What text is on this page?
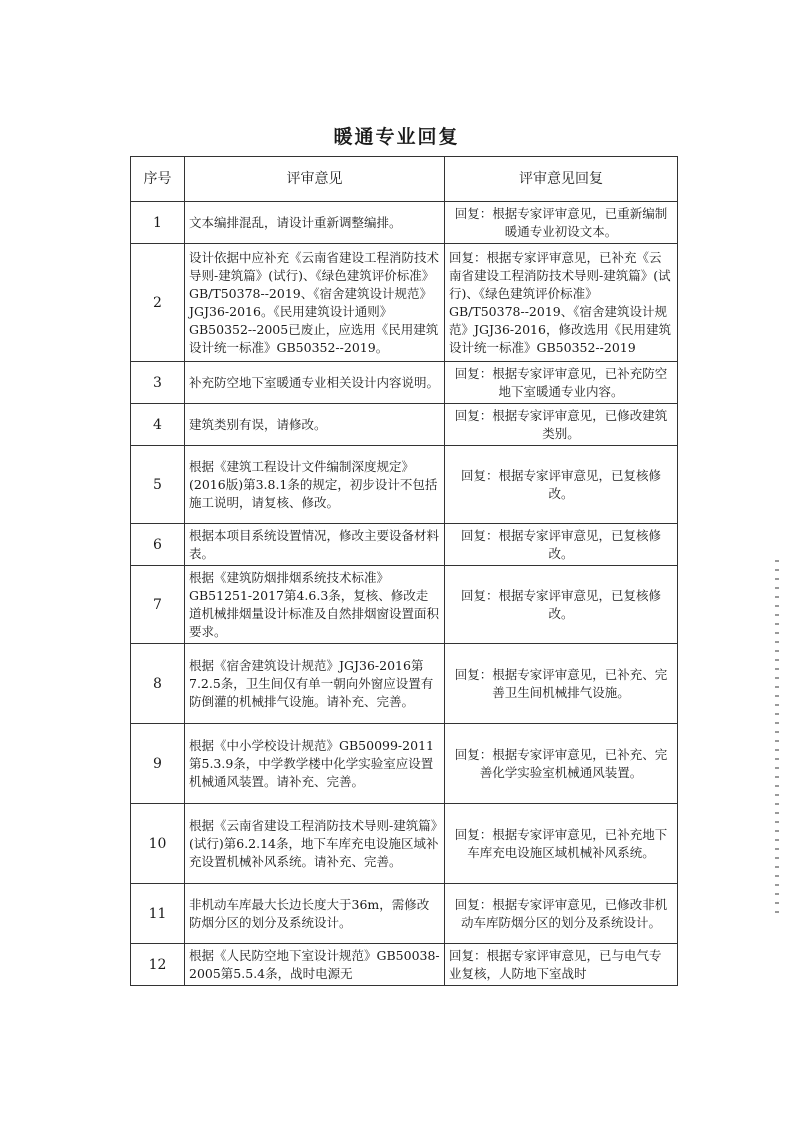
暖通专业回复
序号	评审意见	评审意见回复
1	文本编排混乱，请设计重新调整编排。	回复：根据专家评审意见，已重新编制暖通专业初设文本。
2	设计依据中应补充《云南省建设工程消防技术导则-建筑篇》(试行)、《绿色建筑评价标准》GB/T50378--2019、《宿舍建筑设计规范》JGJ36-2016。《民用建筑设计通则》GB50352--2005已废止，应选用《民用建筑设计统一标准》GB50352--2019。	回复：根据专家评审意见，已补充《云南省建设工程消防技术导则-建筑篇》(试行)、《绿色建筑评价标准》GB/T50378--2019、《宿舍建筑设计规范》JGJ36-2016，修改选用《民用建筑设计统一标准》GB50352--2019
3	补充防空地下室暖通专业相关设计内容说明。	回复：根据专家评审意见，已补充防空地下室暖通专业内容。
4	建筑类别有误，请修改。	回复：根据专家评审意见，已修改建筑类别。
5	根据《建筑工程设计文件编制深度规定》(2016版)第3.8.1条的规定，初步设计不包括施工说明，请复核、修改。	回复：根据专家评审意见，已复核修改。
6	根据本项目系统设置情况，修改主要设备材料表。	回复：根据专家评审意见，已复核修改。
7	根据《建筑防烟排烟系统技术标准》GB51251-2017第4.6.3条，复核、修改走道机械排烟量设计标准及自然排烟窗设置面积要求。	回复：根据专家评审意见，已复核修改。
8	根据《宿舍建筑设计规范》JGJ36-2016第7.2.5条，卫生间仅有单一朝向外窗应设置有防倒灌的机械排气设施。请补充、完善。	回复：根据专家评审意见，已补充、完善卫生间机械排气设施。
9	根据《中小学校设计规范》GB50099-2011第5.3.9条，中学教学楼中化学实验室应设置机械通风装置。请补充、完善。	回复：根据专家评审意见，已补充、完善化学实验室机械通风装置。
10	根据《云南省建设工程消防技术导则-建筑篇》(试行)第6.2.14条，地下车库充电设施区域补充设置机械补风系统。请补充、完善。	回复：根据专家评审意见，已补充地下车库充电设施区域机械补风系统。
11	非机动车库最大长边长度大于36m，需修改防烟分区的划分及系统设计。	回复：根据专家评审意见，已修改非机动车库防烟分区的划分及系统设计。
12	根据《人民防空地下室设计规范》GB50038-2005第5.5.4条，战时电源无	回复：根据专家评审意见，已与电气专业复核，人防地下室战时
